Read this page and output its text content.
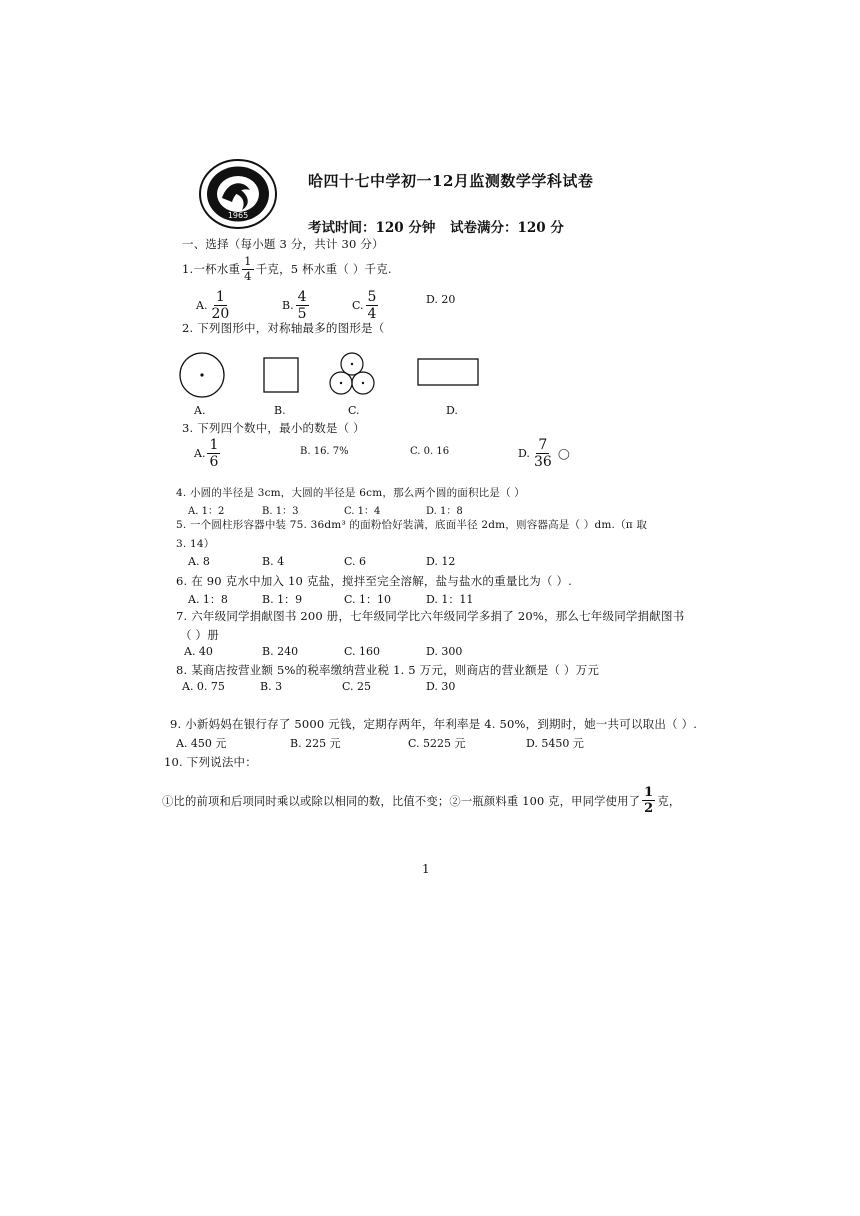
1965
哈四十七中学初一12月监测数学学科试卷
考试时间：120 分钟 试卷满分：120 分
一、选择（每小题 3 分，共计 30 分）
1.一杯水重 $\frac{1}{4}$ 千克，5 杯水重（ ）千克.
A. $\frac{1}{20}$	B. $\frac{4}{5}$	C. $\frac{5}{4}$	D. 20
2. 下列图形中，对称轴最多的图形是（
A.	B.	C.	D.
3. 下列四个数中，最小的数是（ ）
A. $\frac{1}{6}$	B. 16. 7%	C. 0. 16	D. $\frac{7}{36}$ ○
4. 小圆的半径是 3cm，大圆的半径是 6cm，那么两个圆的面积比是（ ）
A. 1：2	B. 1：3	C. 1：4	D. 1：8
5. 一个圆柱形容器中装 75. 36dm³ 的面粉恰好装满，底面半径 2dm，则容器高是（ ）dm.（π 取
3. 14）
A. 8	B. 4	C. 6	D. 12
6. 在 90 克水中加入 10 克盐，搅拌至完全溶解，盐与盐水的重量比为（ ）.
A. 1：8	B. 1：9	C. 1：10	D. 1：11
7. 六年级同学捐献图书 200 册，七年级同学比六年级同学多捐了 20%，那么七年级同学捐献图书
（ ）册
A. 40	B. 240	C. 160	D. 300
8. 某商店按营业额 5%的税率缴纳营业税 1. 5 万元，则商店的营业额是（ ）万元
A. 0. 75	B. 3	C. 25	D. 30
9. 小新妈妈在银行存了 5000 元钱，定期存两年，年利率是 4. 50%，到期时，她一共可以取出（ ）.
A. 450 元	B. 225 元	C. 5225 元	D. 5450 元
10. 下列说法中：
①比的前项和后项同时乘以或除以相同的数，比值不变；②一瓶颜料重 100 克，甲同学使用了 $\frac{1}{2}$ 克，
1
